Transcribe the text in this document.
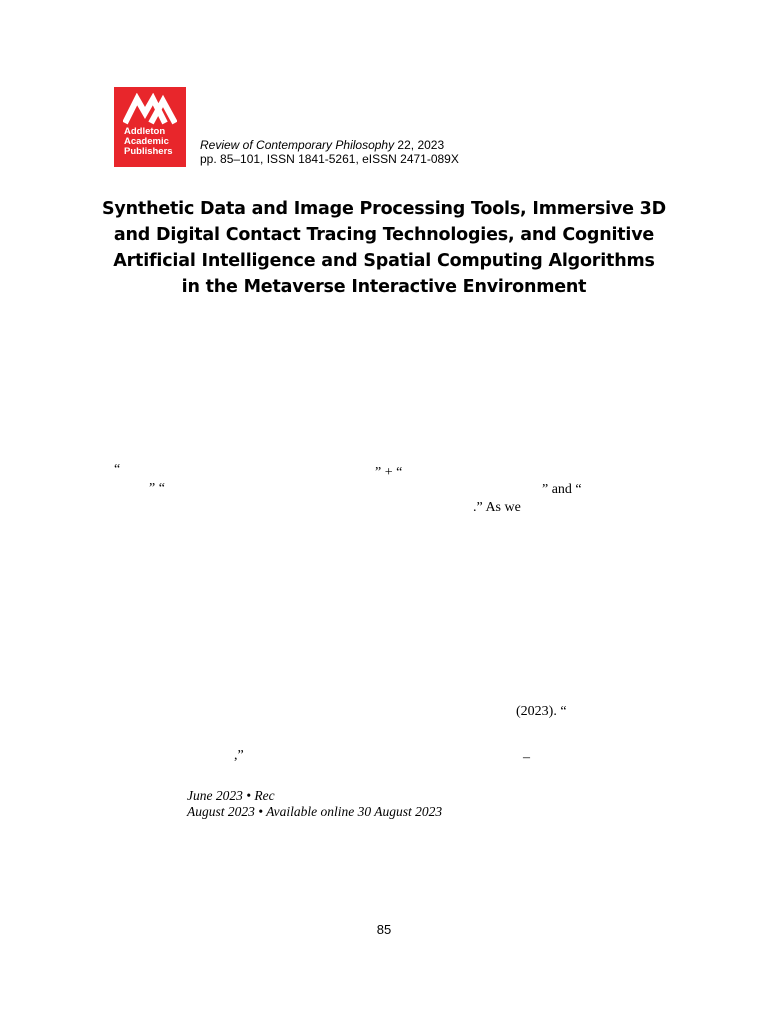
Addleton
Academic
Publishers Review of Contemporary Philosophy 22, 2023
pp. 85–101, ISSN 1841-5261, eISSN 2471-089X
Synthetic Data and Image Processing Tools, Immersive 3D
and Digital Contact Tracing Technologies, and Cognitive
Artificial Intelligence and Spatial Computing Algorithms
in the Metaverse Interactive Environment
“	” + “
” “	” and “
.” As we
(2023). “
,”	–
June 2023 • Rec
August 2023 • Available online 30 August 2023
85
